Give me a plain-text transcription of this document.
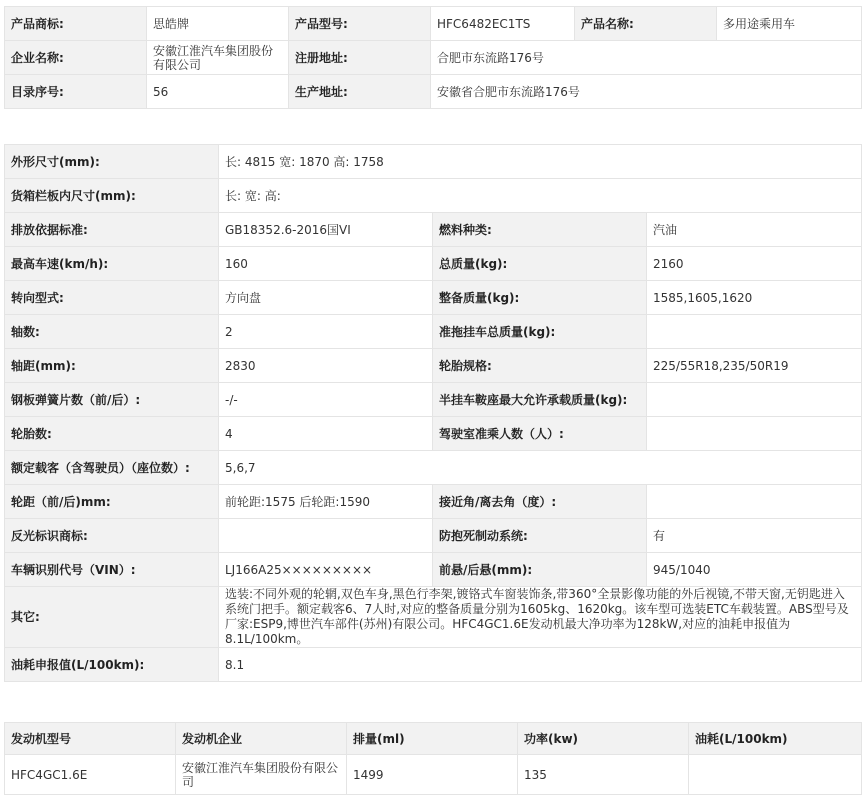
产品商标:	思皓牌	产品型号:	HFC6482EC1TS	产品名称:	多用途乘用车
企业名称:	安徽江淮汽车集团股份有限公司	注册地址:	合肥市东流路176号		
目录序号:	56	生产地址:	安徽省合肥市东流路176号		
外形尺寸(mm):	长: 4815 宽: 1870 高: 1758		
货箱栏板内尺寸(mm):	长: 宽: 高:		
排放依据标准:	GB18352.6-2016国VI	燃料种类:	汽油
最高车速(km/h):	160	总质量(kg):	2160
转向型式:	方向盘	整备质量(kg):	1585,1605,1620
轴数:	2	准拖挂车总质量(kg):	
轴距(mm):	2830	轮胎规格:	225/55R18,235/50R19
钢板弹簧片数（前/后）:	-/-	半挂车鞍座最大允许承载质量(kg):	
轮胎数:	4	驾驶室准乘人数（人）:	
额定载客（含驾驶员）（座位数）:	5,6,7		
轮距（前/后)mm:	前轮距:1575 后轮距:1590	接近角/离去角（度）:	
反光标识商标:		防抱死制动系统:	有
车辆识别代号（VIN）:	LJ166A25×××××××××	前悬/后悬(mm):	945/1040
其它:	选装:不同外观的轮辋,双色车身,黑色行李架,镀铬式车窗装饰条,带360°全景影像功能的外后视镜,不带天窗,无钥匙进入系统门把手。额定载客6、7人时,对应的整备质量分别为1605kg、1620kg。该车型可选装ETC车载装置。ABS型号及厂家:ESP9,博世汽车部件(苏州)有限公司。HFC4GC1.6E发动机最大净功率为128kW,对应的油耗申报值为8.1L/100km。		
油耗申报值(L/100km):	8.1		
发动机型号	发动机企业	排量(ml)	功率(kw)	油耗(L/100km)
HFC4GC1.6E	安徽江淮汽车集团股份有限公司	1499	135	
